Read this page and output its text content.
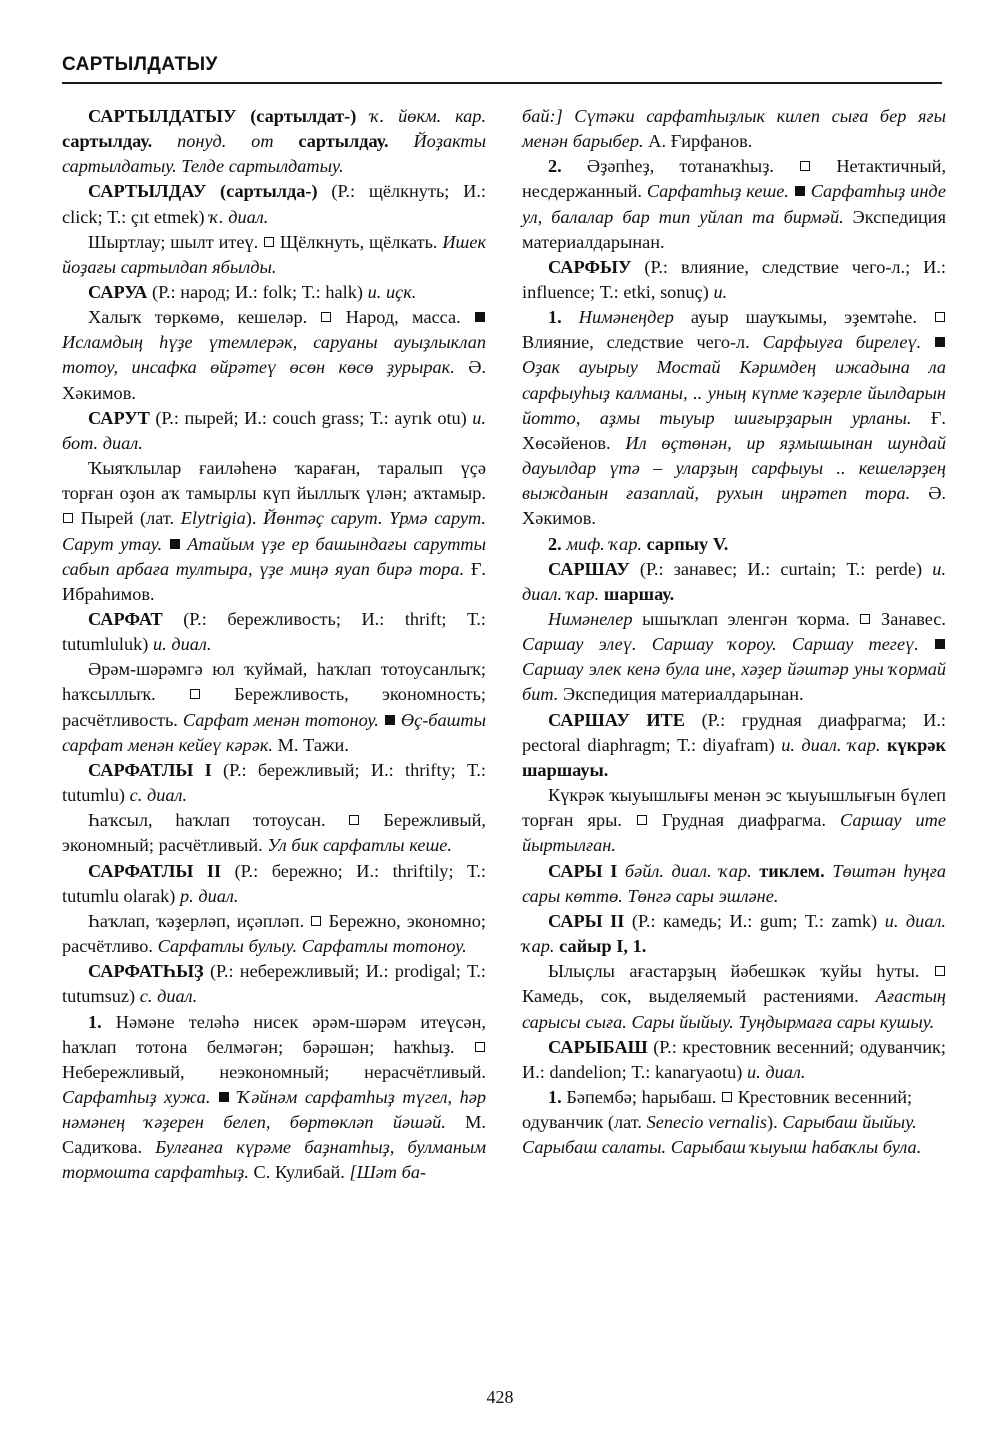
САРТЫЛДАТЫУ

САРТЫЛДАТЫУ (сартылдат-) ҡ. йөкм. кар. сартылдау. понуд. от сартылдау. Йоҙакты сартылдатыу. Телде сартылдатыу.

САРТЫЛДАУ (сартылда-) (Р.: щёлкнуть; И.: click; Т.: çıt etmek) ҡ. диал.

Шыртлау; шылт итеү.  Щёлкнуть, щёлкать. Ишек йоҙағы сартылдап ябылды.

САРУА (Р.: народ; И.: folk; Т.: halk) и. иҫк.

Халыҡ төркөмө, кешеләр.  Народ, масса.  Исламдың һүҙе үтемлерәк, саруаны ауыҙлыклап тотоу, инсафка өйрәтеү өсөн көсө ҙурырак. Ә. Хәкимов.

САРУТ (Р.: пырей; И.: couch grass; Т.: ayrık otu) и. бот. диал.

Ҡыяҡлылар ғаиләһенә ҡараған, таралып үҫә торған оҙон аҡ тамырлы күп йыллыҡ үлән; аҡтамыр.  Пырей (лат. Elytrigia). Йөнтәҫ сарут. Үрмә сарут. Сарут утау. Атайым үҙе ер башындағы сарутты сабып арбаға тултыра, үҙе миңә яуап бирә тора. Ғ. Ибраһимов.

САРФАТ (Р.: бережливость; И.: thrift; Т.: tutumluluk) и. диал.

Әрәм-шәрәмгә юл ҡуймай, һаҡлап тотоусанлыҡ; һаҡсыллыҡ.  Бережливость, экономность; расчётливость. Сарфат менән тотоноу. Өç-башты сарфат менән кейеү кәрәк. М. Тажи.

САРФАТЛЫ I (Р.: бережливый; И.: thrifty; Т.: tutumlu) с. диал.

Һаҡсыл, һаҡлап тотоусан.  Бережливый, экономный; расчётливый. Ул бик сарфатлы кеше.

САРФАТЛЫ II (Р.: бережно; И.: thriftily; Т.: tutumlu olarak) р. диал.

Һаҡлап, ҡәҙерләп, иҫәпләп.  Бережно, экономно; расчётливо. Сарфатлы булыу. Сарфатлы тотоноу.

САРФАТҺЫҘ (Р.: небережливый; И.: prodigal; Т.: tutumsuz) с. диал.

1. Нәмәне теләһә нисек әрәм-шәрәм итеүсән, һаҡлап тотона белмәгән; бәрәшән; һаҡһыҙ.  Небережливый, неэкономный; нерасчётливый. Сарфатһыҙ хужа. Ҡәйнәм сарфатһыҙ түгел, һәр нәмәнең ҡәҙерен белеп, бөртөкләп йәшәй. М. Садиҡова. Булғанға күрәме баҙнатһыҙ, булманым тормошта сарфатһыҙ. С. Кулибай. [Шәт ба-

бай:] Сүтәки сарфатһыҙлык килеп сыға бер яғы менән барыбер. А. Ғирфанов.

2. Әҙәпһеҙ, тотанаҡһыҙ.  Нетактичный, несдержанный. Сарфатһыҙ кеше. Сарфатһыҙ инде ул, балалар бар тип уйлап та бирмәй. Экспедиция материалдарынан.

САРФЫУ (Р.: влияние, следствие чего-л.; И.: influence; Т.: etki, sonuç) и.

1. Нимәнеңдер ауыр шауҡымы, эҙемтәһе.  Влияние, следствие чего-л. Сарфыуға бирелеү.  Оҙак ауырыу Мостай Кәримдең ижадына ла сарфыуһыҙ калманы, .. уның күпме ҡәҙерле йылдарын йотто, аҙмы тыуыр шиғырҙарын урланы. Ғ. Хөсәйенов. Ил өçтөнән, ир яҙмышынан шундай дауылдар үтә – уларҙың сарфыуы .. кешеләрҙең выжданын ғазаплай, рухын иңрәтеп тора. Ә. Хәкимов.

2. миф. ҡар. сарпыу V.

САРШАУ (Р.: занавес; И.: curtain; Т.: perde) и. диал. ҡар. шаршау.

Нимәнелер ышыҡлап эленгән ҡорма.  Занавес. Саршау элеү. Саршау ҡороу. Саршау тегеү.  Саршау элек кенә була ине, хәҙер йәштәр уны ҡормай бит. Экспедиция материалдарынан.

САРШАУ ИТЕ (Р.: грудная диафрагма; И.: pectoral diaphragm; Т.: diyafram) и. диал. ҡар. күкрәк шаршауы.

Күкрәк ҡыуышлығы менән эс ҡыуышлығын бүлеп торған яры.  Грудная диафрагма. Саршау ите йыртылған.

САРЫ I бәйл. диал. ҡар. тиклем. Төштән һуңға сары көттө. Төнгә сары эшләне.

САРЫ II (Р.: камедь; И.: gum; Т.: zamk) и. диал. ҡар. сайыр I, 1.

Ылыҫлы ағастарҙың йәбешкәк ҡуйы һуты.  Камедь, сок, выделяемый растениями. Ағастың сарысы сыға. Сары йыйыу. Туңдырмаға сары кушыу.

САРЫБАШ (Р.: крестовник весенний; одуванчик; И.: dandelion; Т.: kanaryaotu) и. диал.

1. Бәпембә; һарыбаш.  Крестовник весенний; одуванчик (лат. Senecio vernalis). Сарыбаш йыйыу. Сарыбаш салаты. Сарыбаш ҡыуыш һабаҡлы була.

428
